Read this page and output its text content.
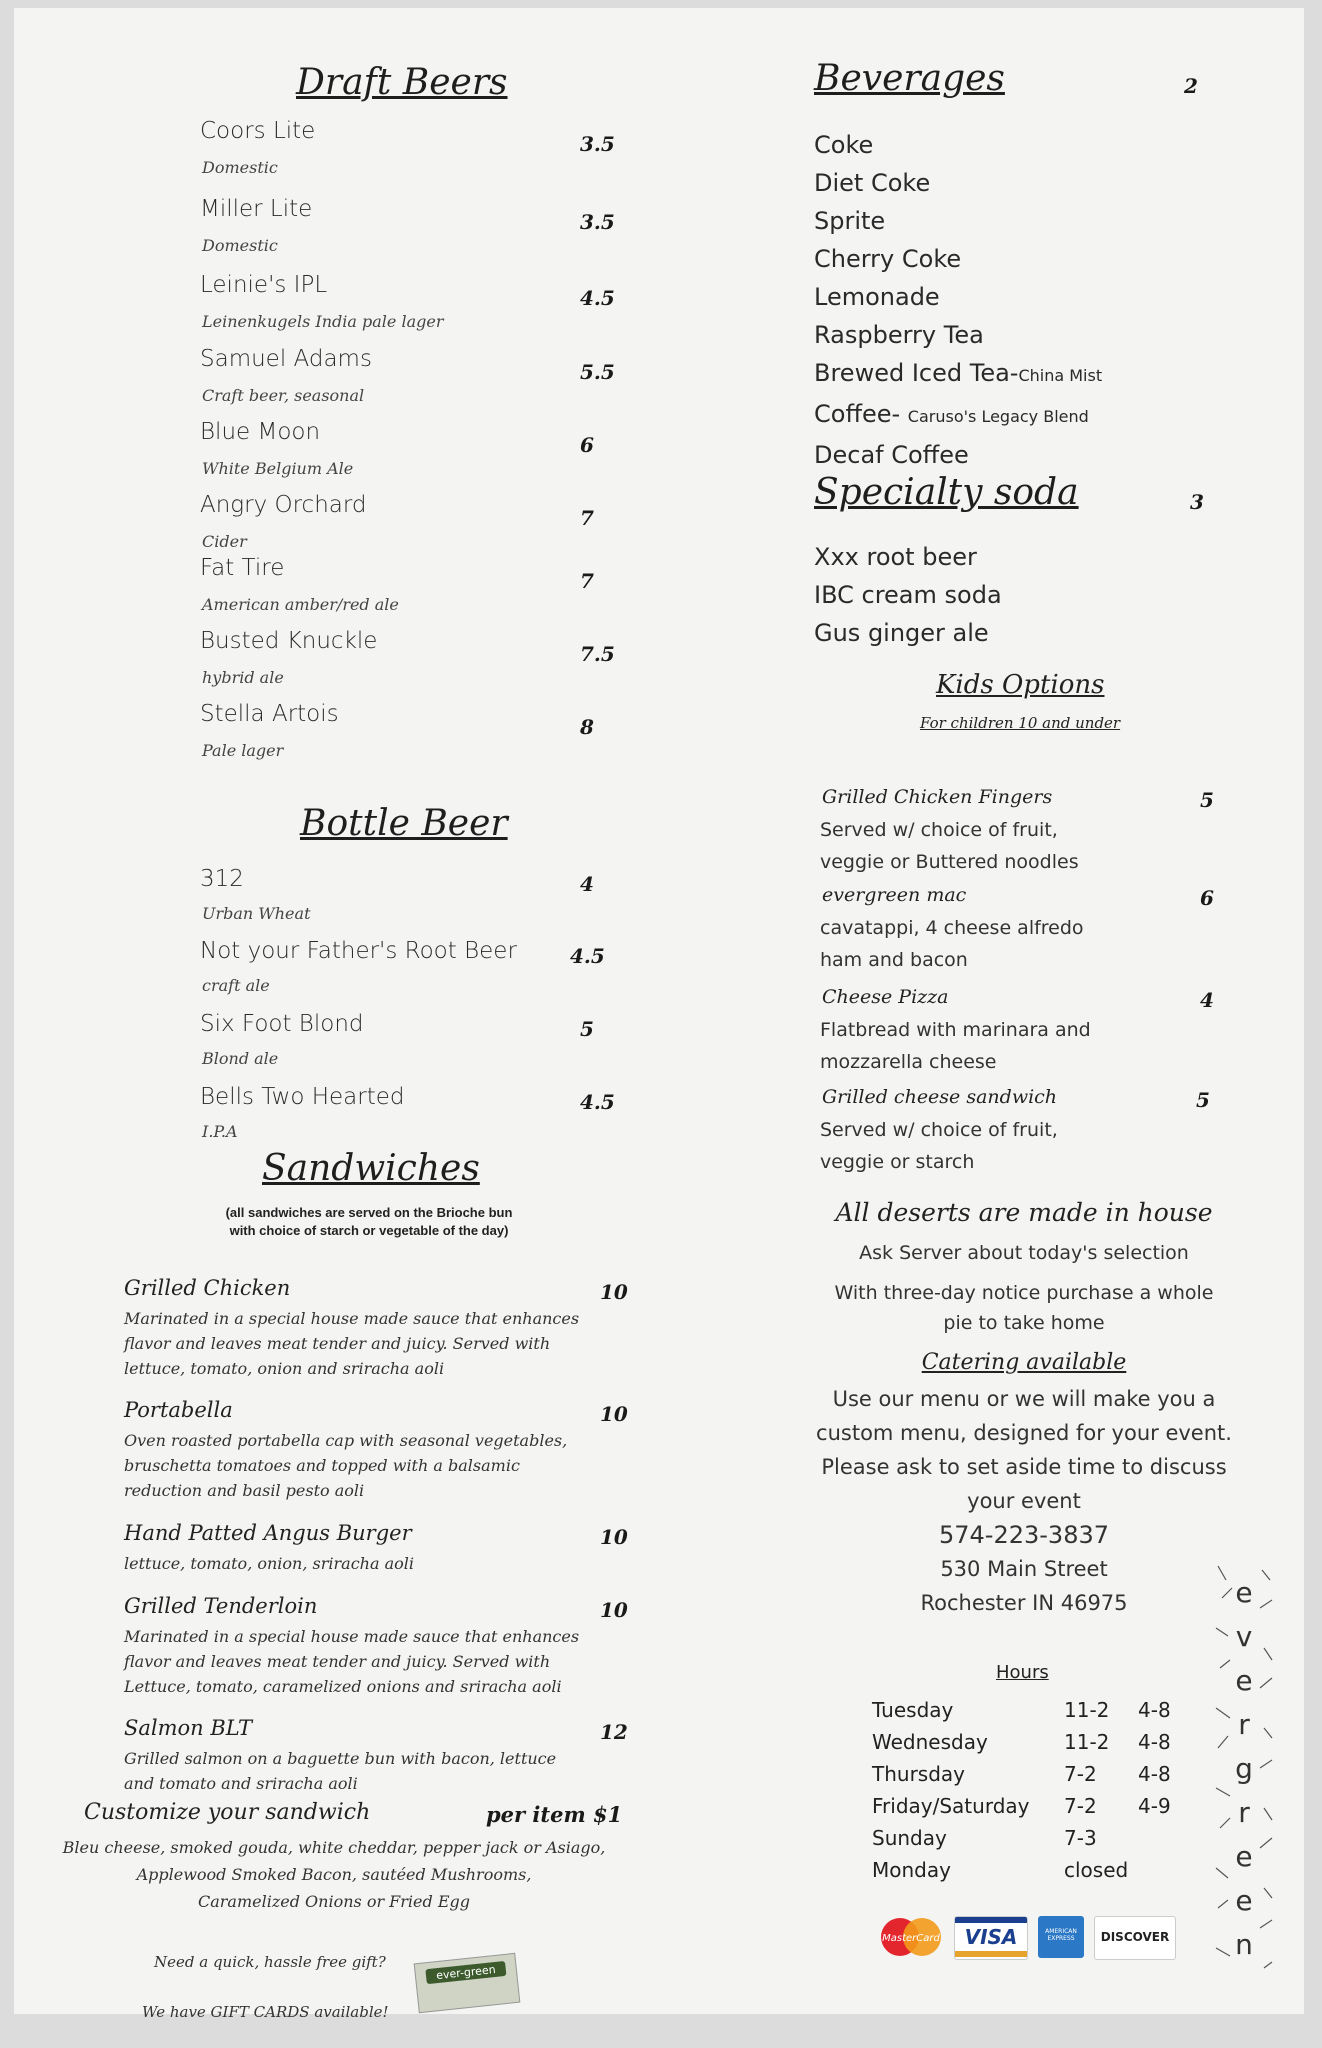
Draft Beers
Bottle Beer
Sandwiches
(all sandwiches are served on the Brioche bun
with choice of starch or vegetable of the day)
Customize your sandwich	per item $1
Bleu cheese, smoked gouda, white cheddar, pepper jack or Asiago,
Applewood Smoked Bacon, sautéed Mushrooms,
Caramelized Onions or Fried Egg
Need a quick, hassle free gift?
We have GIFT CARDS available!
ever-green
Beverages	2
Coke
Diet Coke
Sprite
Cherry Coke
Lemonade
Raspberry Tea
Brewed Iced Tea-China Mist
Coffee- Caruso's Legacy Blend
Decaf Coffee
Specialty soda	3
Xxx root beer
IBC cream soda
Gus ginger ale
Kids Options
For children 10 and under
All deserts are made in house
Ask Server about today's selection
With three-day notice purchase a whole
pie to take home
Catering available
Use our menu or we will make you a
custom menu, designed for your event.
Please ask to set aside time to discuss
your event
574-223-3837
530 Main Street
Rochester IN 46975
Hours
MasterCard	VISA	AMERICAN EXPRESS	DISCOVER
e
v
e
r
g
r
e
e
n
Coors Lite
Domestic
3.5
Miller Lite
Domestic
3.5
Leinie's IPL
Leinenkugels India pale lager
4.5
Samuel Adams
Craft beer, seasonal
5.5
Blue Moon
White Belgium Ale
6
Angry Orchard
Cider
7
Fat Tire
American amber/red ale
7
Busted Knuckle
hybrid ale
7.5
Stella Artois
Pale lager
8
312
Urban Wheat
4
Not your Father's Root Beer
craft ale
4.5
Six Foot Blond
Blond ale
5
Bells Two Hearted
I.P.A
4.5
Grilled Chicken	10
Marinated in a special house made sauce that enhances
flavor and leaves meat tender and juicy. Served with
lettuce, tomato, onion and sriracha aoli
Portabella	10
Oven roasted portabella cap with seasonal vegetables,
bruschetta tomatoes and topped with a balsamic
reduction and basil pesto aoli
Hand Patted Angus Burger	10
lettuce, tomato, onion, sriracha aoli
Grilled Tenderloin	10
Marinated in a special house made sauce that enhances
flavor and leaves meat tender and juicy. Served with
Lettuce, tomato, caramelized onions and sriracha aoli
Salmon BLT	12
Grilled salmon on a baguette bun with bacon, lettuce
and tomato and sriracha aoli
Grilled Chicken Fingers	5
Served w/ choice of fruit,
veggie or Buttered noodles
evergreen mac	6
cavatappi, 4 cheese alfredo
ham and bacon
Cheese Pizza	4
Flatbread with marinara and
mozzarella cheese
Grilled cheese sandwich	5
Served w/ choice of fruit,
veggie or starch
Tuesday	11-2 4-8
Wednesday	11-2 4-8
Thursday	7-2 4-8
Friday/Saturday 7-2 4-9
Sunday	7-3
Monday	closed
